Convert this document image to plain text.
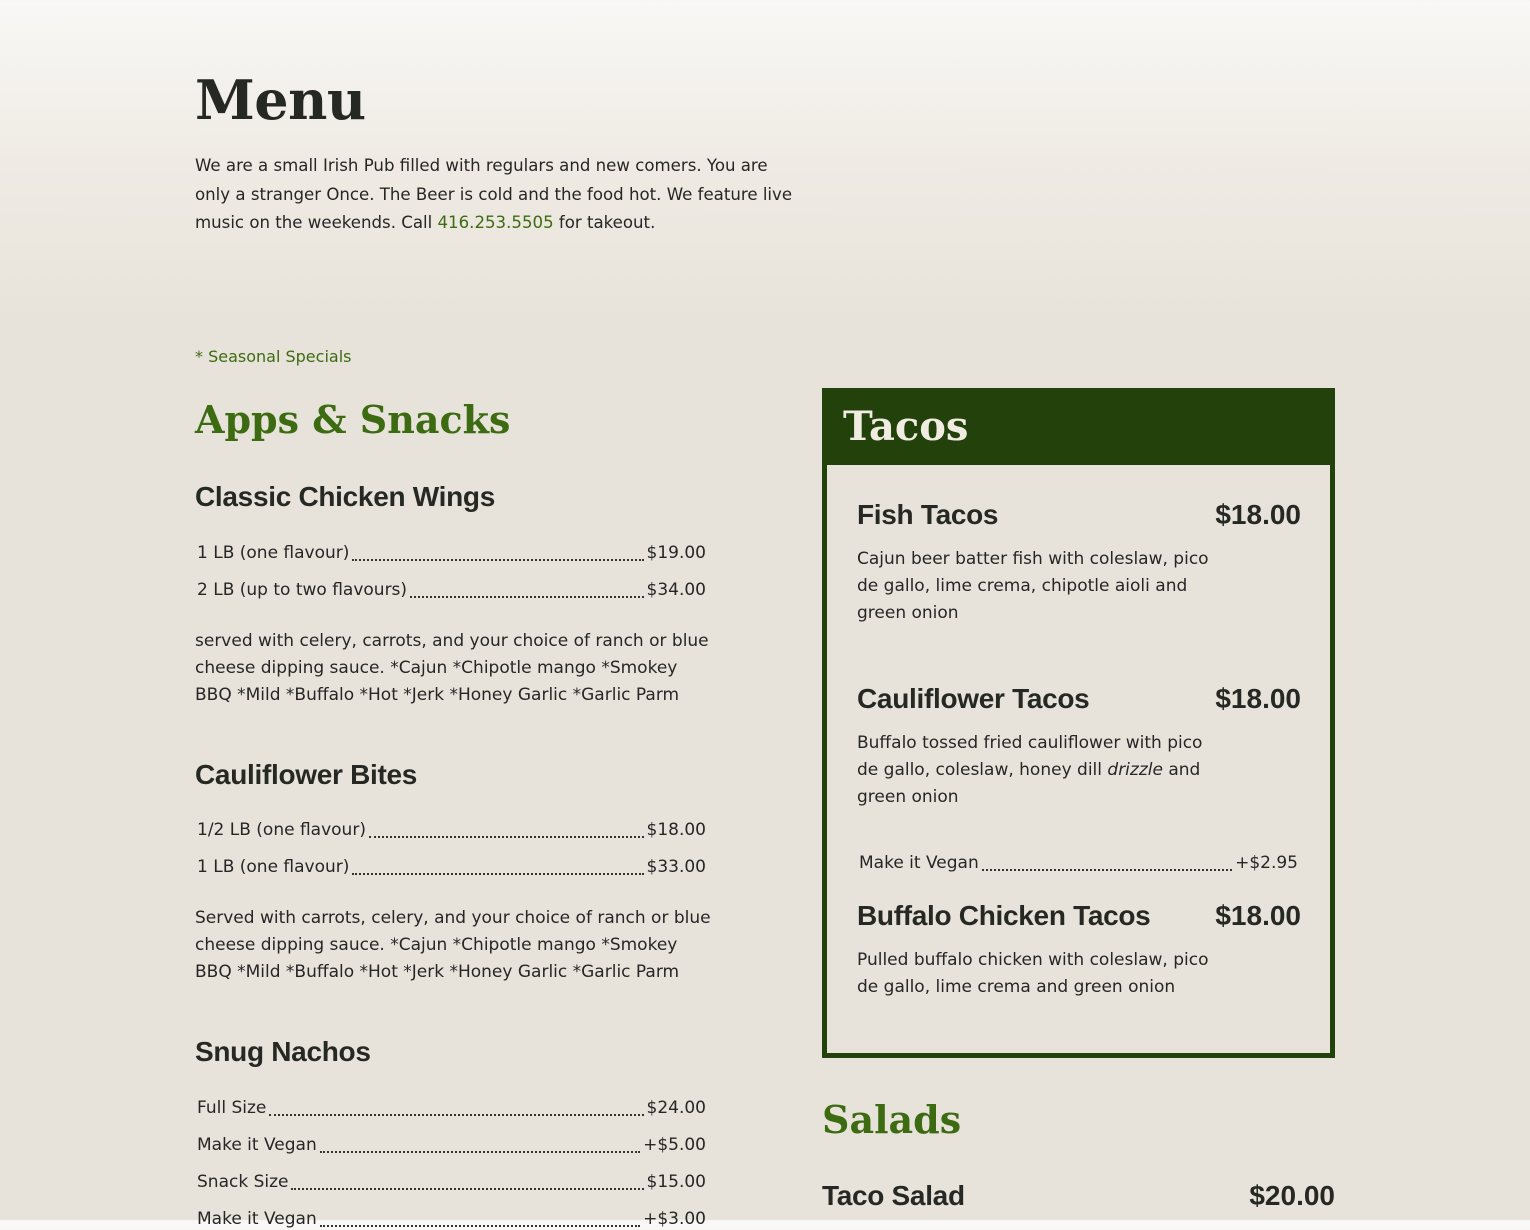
Menu

We are a small Irish Pub filled with regulars and new comers. You are only a stranger Once. The Beer is cold and the food hot. We feature live music on the weekends. Call 416.253.5505 for takeout.

* Seasonal Specials
Apps & Snacks
Classic Chicken Wings
1 LB (one flavour)	$19.00
2 LB (up to two flavours)	$34.00

served with celery, carrots, and your choice of ranch or blue cheese dipping sauce. *Cajun *Chipotle mango *Smokey BBQ *Mild *Buffalo *Hot *Jerk *Honey Garlic *Garlic Parm

Cauliflower Bites
1/2 LB (one flavour)	$18.00
1 LB (one flavour)	$33.00

Served with carrots, celery, and your choice of ranch or blue cheese dipping sauce. *Cajun *Chipotle mango *Smokey BBQ *Mild *Buffalo *Hot *Jerk *Honey Garlic *Garlic Parm

Snug Nachos
Full Size	$24.00
Make it Vegan	+$5.00
Snack Size	$15.00
Make it Vegan	+$3.00
Tacos
Fish Tacos	$18.00

Cajun beer batter fish with coleslaw, pico de gallo, lime crema, chipotle aioli and green onion

Cauliflower Tacos	$18.00

Buffalo tossed fried cauliflower with pico de gallo, coleslaw, honey dill drizzle and green onion

Make it Vegan	+$2.95
Buffalo Chicken Tacos $18.00

Pulled buffalo chicken with coleslaw, pico de gallo, lime crema and green onion

Salads
Taco Salad	$20.00
